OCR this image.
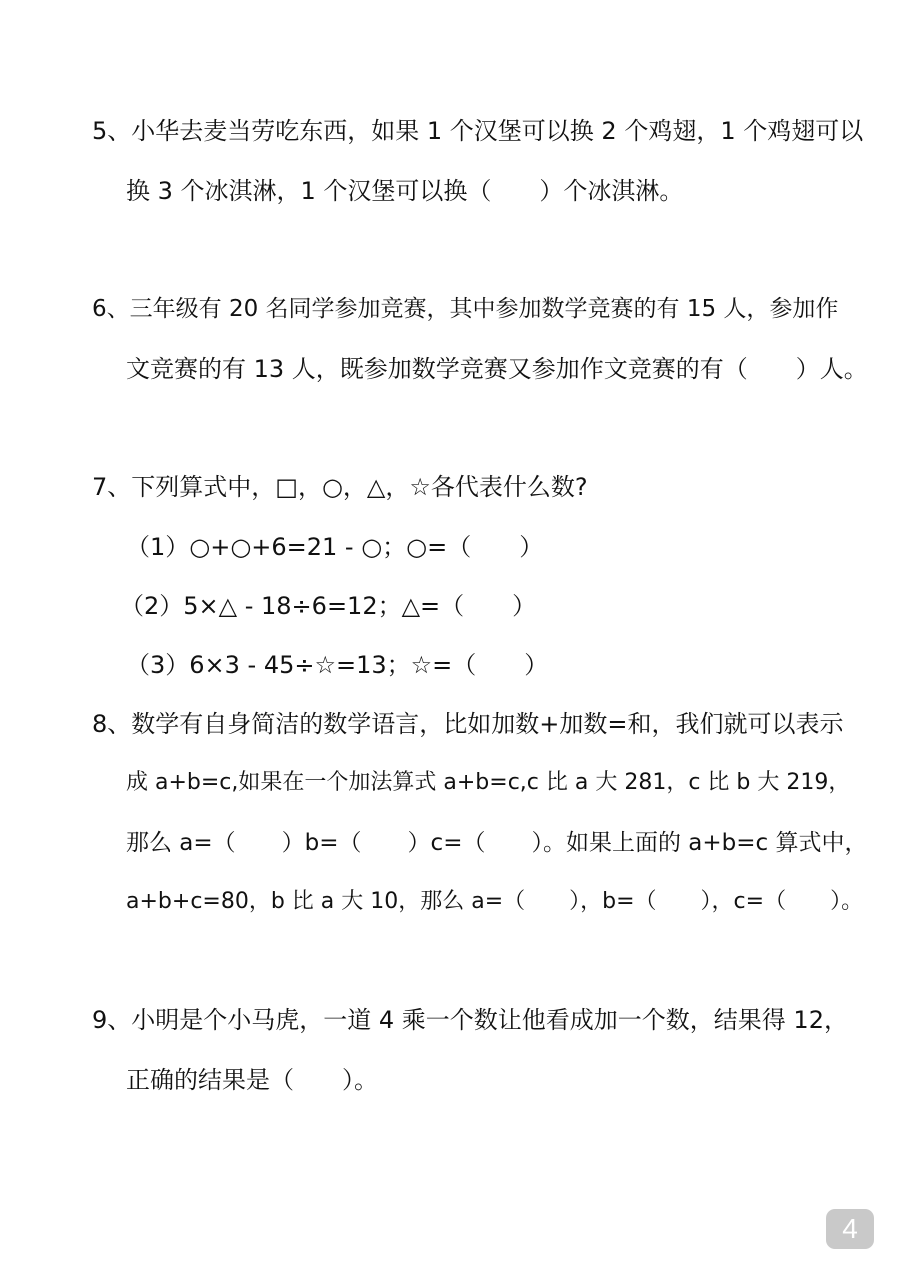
5、小华去麦当劳吃东西，如果 1 个汉堡可以换 2 个鸡翅，1 个鸡翅可以
换 3 个冰淇淋，1 个汉堡可以换（　　）个冰淇淋。
6、三年级有 20 名同学参加竞赛，其中参加数学竞赛的有 15 人，参加作
文竞赛的有 13 人，既参加数学竞赛又参加作文竞赛的有（　　）人。
7、下列算式中，□，○，△，☆各代表什么数?
（1）○+○+6=21 - ○；○=（　　）
（2）5×△ - 18÷6=12；△=（　　）
（3）6×3 - 45÷☆=13；☆=（　　）
8、数学有自身简洁的数学语言，比如加数+加数=和，我们就可以表示
成 a+b=c,如果在一个加法算式 a+b=c,c 比 a 大 281，c 比 b 大 219，
那么 a=（　　）b=（　　）c=（　　）。如果上面的 a+b=c 算式中，
a+b+c=80，b 比 a 大 10，那么 a=（　　），b=（　　），c=（　　）。
9、小明是个小马虎，一道 4 乘一个数让他看成加一个数，结果得 12，
正确的结果是（　　）。
4
